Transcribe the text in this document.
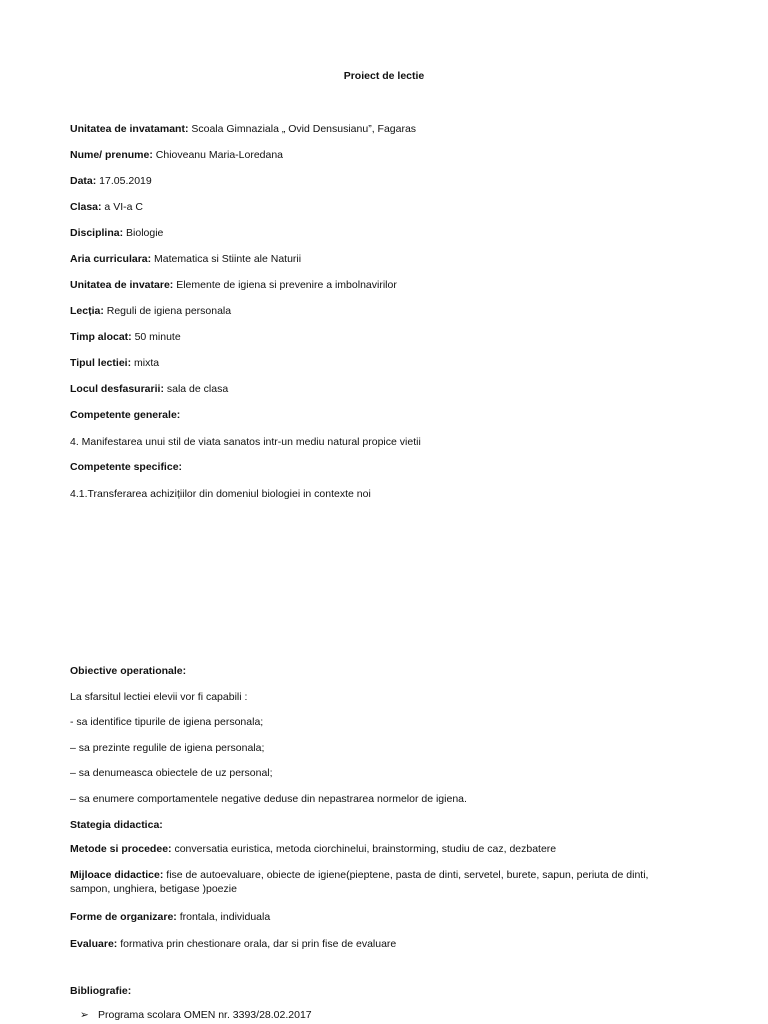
Proiect de lectie
Unitatea de invatamant: Scoala Gimnaziala „ Ovid Densusianu”, Fagaras
Nume/ prenume: Chioveanu Maria-Loredana
Data: 17.05.2019
Clasa: a VI-a C
Disciplina: Biologie
Aria curriculara: Matematica si Stiinte ale Naturii
Unitatea de invatare: Elemente de igiena si prevenire a imbolnavirilor
Lecția: Reguli de igiena personala
Timp alocat: 50 minute
Tipul lectiei: mixta
Locul desfasurarii: sala de clasa
Competente generale:
4. Manifestarea unui stil de viata sanatos intr-un mediu natural propice vietii
Competente specifice:
4.1.Transferarea achizițiilor din domeniul biologiei in contexte noi
Obiective operationale:
La sfarsitul lectiei elevii vor fi capabili :
- sa identifice tipurile de igiena personala;
– sa prezinte regulile de igiena personala;
– sa denumeasca obiectele de uz personal;
– sa enumere comportamentele negative deduse din nepastrarea normelor de igiena.
Stategia didactica:
Metode si procedee: conversatia euristica, metoda ciorchinelui, brainstorming, studiu de caz, dezbatere
Mijloace didactice: fise de autoevaluare, obiecte de igiene(pieptene, pasta de dinti, servetel, burete, sapun, periuta de dinti, sampon, unghiera, betigase )poezie
Forme de organizare: frontala, individuala
Evaluare: formativa prin chestionare orala, dar si prin fise de evaluare
Bibliografie:
➢ Programa scolara OMEN nr. 3393/28.02.2017
